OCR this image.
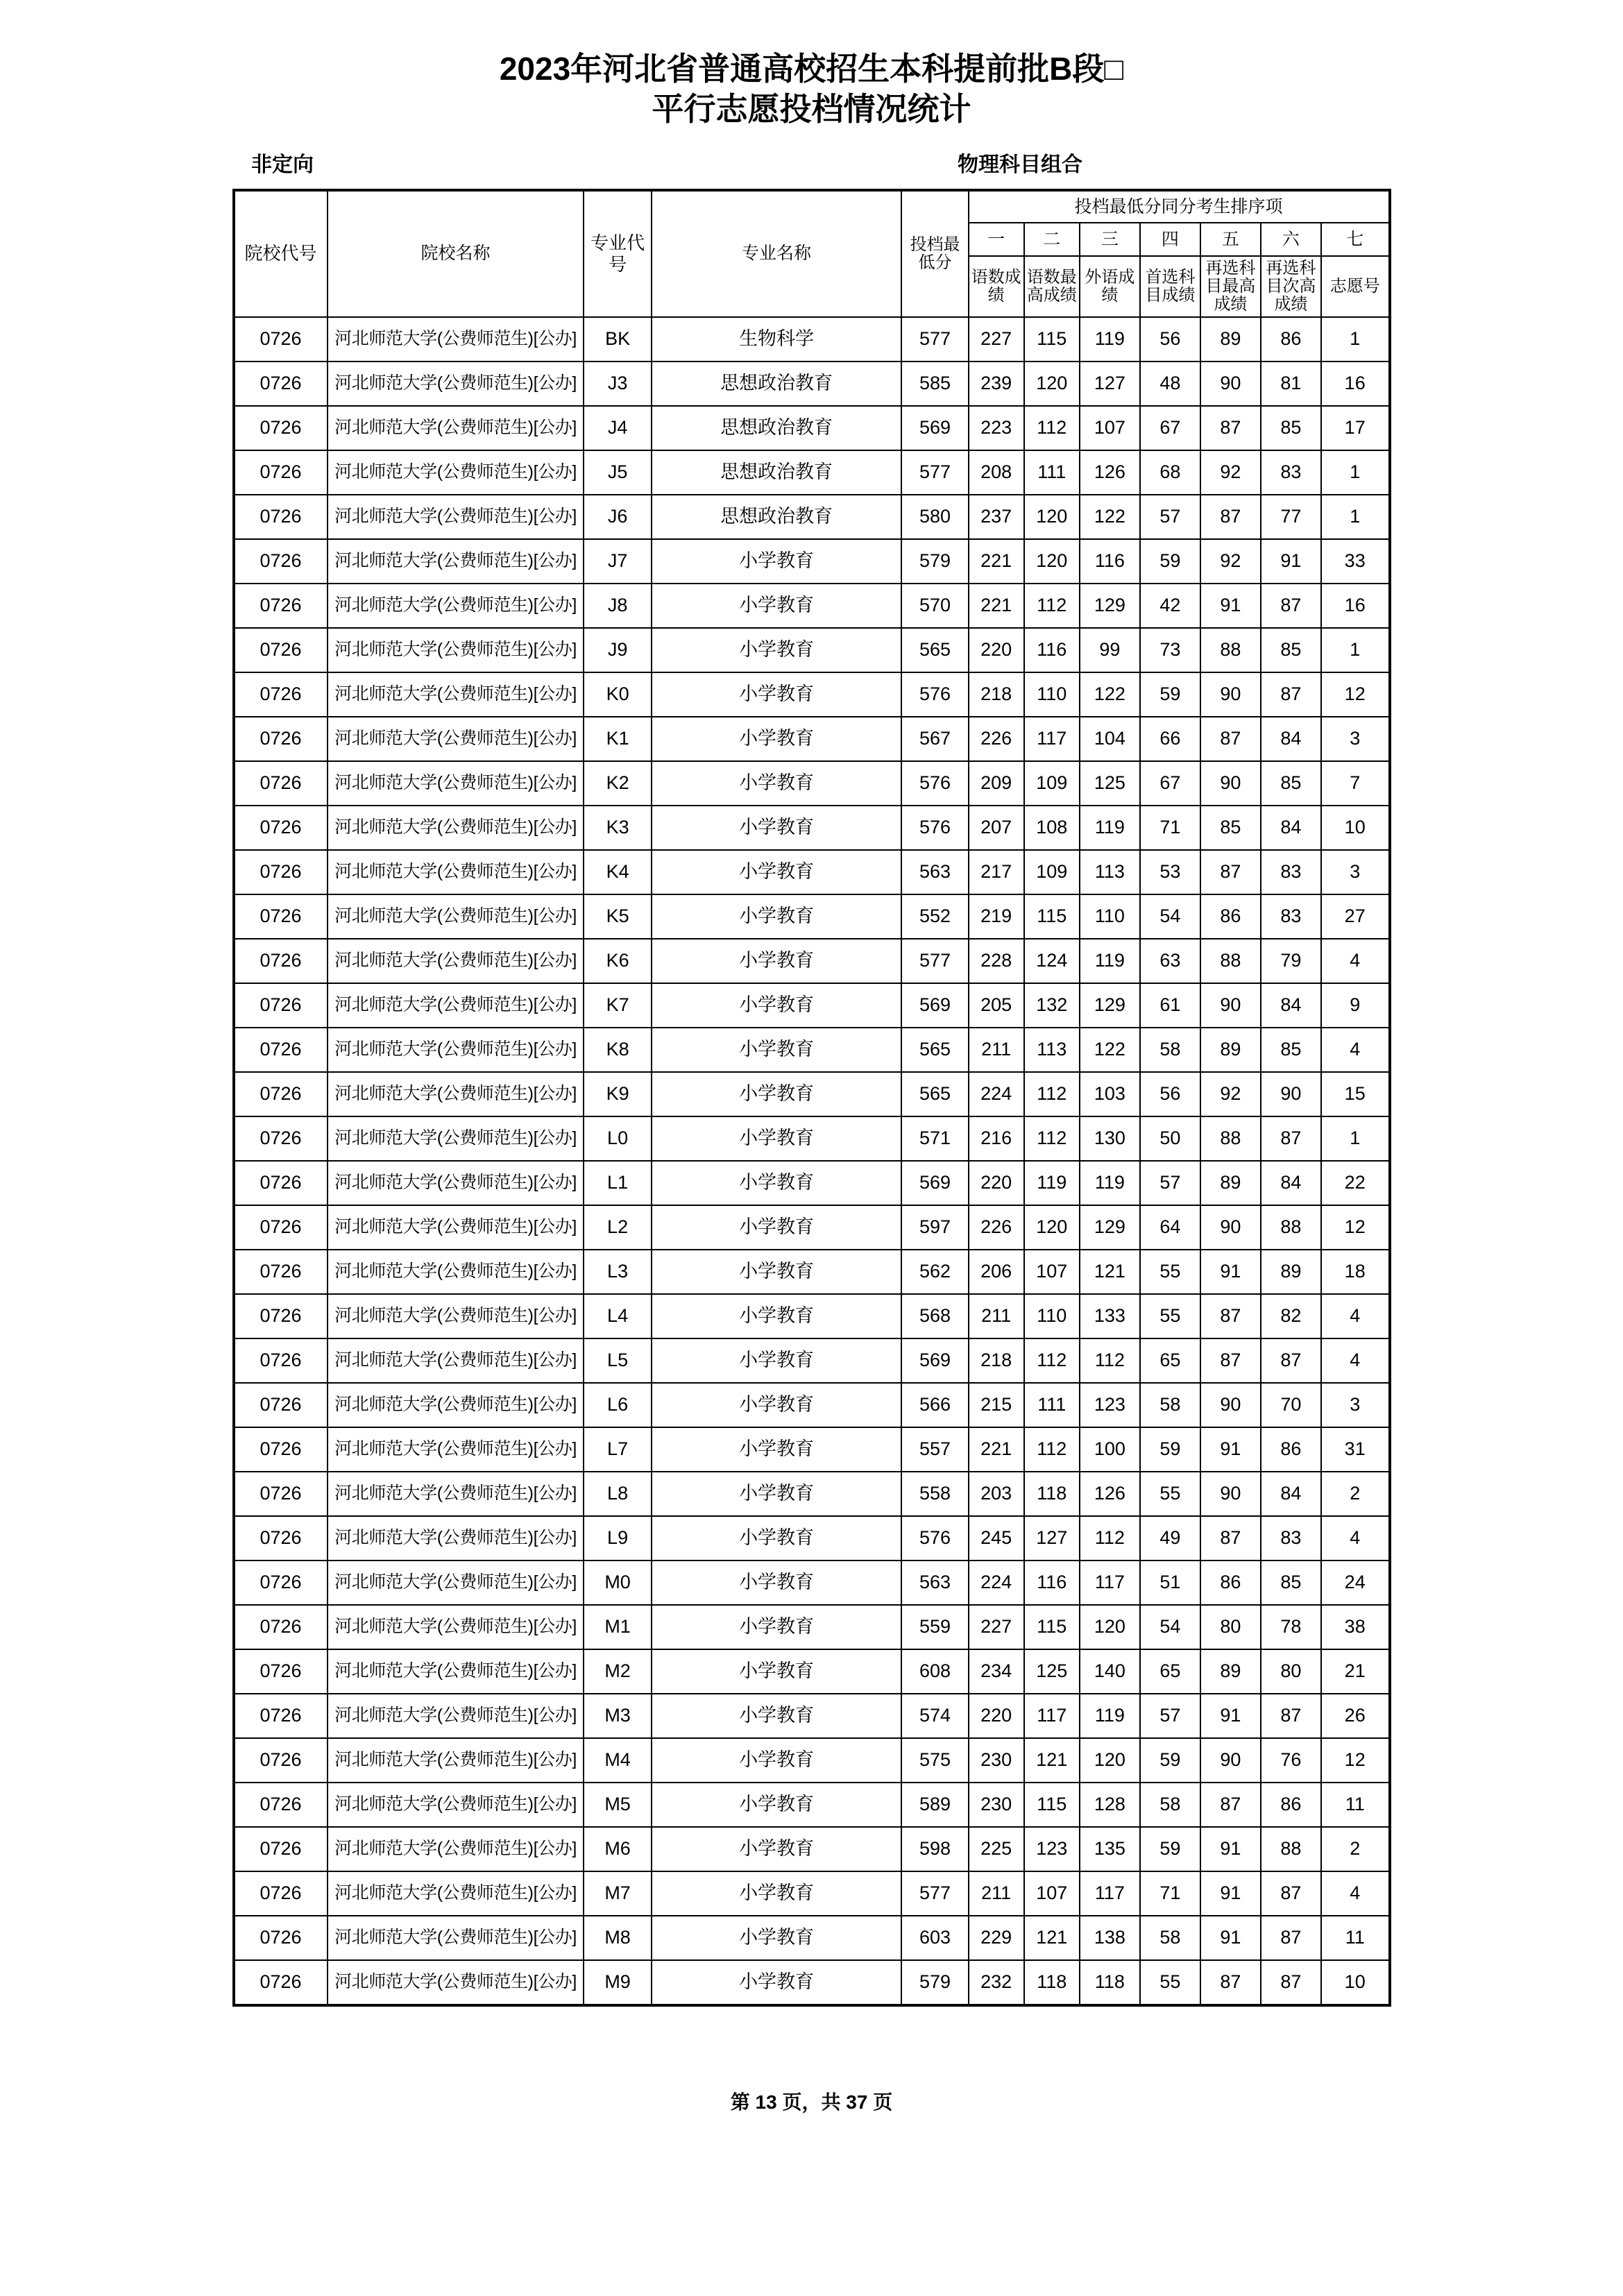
2023年河北省普通高校招生本科提前批B段□
平行志愿投档情况统计
非定向	物理科目组合
院校代号	院校名称	专业代号	专业名称	投档最低分	投档最低分同分考生排序项						
					一	二	三	四	五	六	七

					语数成绩	语数最高成绩	外语成绩	首选科目成绩	再选科目最高成绩	再选科目次高成绩	志愿号

0726	河北师范大学(公费师范生)[公办]	BK	生物科学	577	227	115	119	56	89	86	1
0726	河北师范大学(公费师范生)[公办]	J3	思想政治教育	585	239	120	127	48	90	81	16
0726	河北师范大学(公费师范生)[公办]	J4	思想政治教育	569	223	112	107	67	87	85	17
0726	河北师范大学(公费师范生)[公办]	J5	思想政治教育	577	208	111	126	68	92	83	1
0726	河北师范大学(公费师范生)[公办]	J6	思想政治教育	580	237	120	122	57	87	77	1
0726	河北师范大学(公费师范生)[公办]	J7	小学教育	579	221	120	116	59	92	91	33
0726	河北师范大学(公费师范生)[公办]	J8	小学教育	570	221	112	129	42	91	87	16
0726	河北师范大学(公费师范生)[公办]	J9	小学教育	565	220	116	99	73	88	85	1
0726	河北师范大学(公费师范生)[公办]	K0	小学教育	576	218	110	122	59	90	87	12
0726	河北师范大学(公费师范生)[公办]	K1	小学教育	567	226	117	104	66	87	84	3
0726	河北师范大学(公费师范生)[公办]	K2	小学教育	576	209	109	125	67	90	85	7
0726	河北师范大学(公费师范生)[公办]	K3	小学教育	576	207	108	119	71	85	84	10
0726	河北师范大学(公费师范生)[公办]	K4	小学教育	563	217	109	113	53	87	83	3
0726	河北师范大学(公费师范生)[公办]	K5	小学教育	552	219	115	110	54	86	83	27
0726	河北师范大学(公费师范生)[公办]	K6	小学教育	577	228	124	119	63	88	79	4
0726	河北师范大学(公费师范生)[公办]	K7	小学教育	569	205	132	129	61	90	84	9
0726	河北师范大学(公费师范生)[公办]	K8	小学教育	565	211	113	122	58	89	85	4
0726	河北师范大学(公费师范生)[公办]	K9	小学教育	565	224	112	103	56	92	90	15
0726	河北师范大学(公费师范生)[公办]	L0	小学教育	571	216	112	130	50	88	87	1
0726	河北师范大学(公费师范生)[公办]	L1	小学教育	569	220	119	119	57	89	84	22
0726	河北师范大学(公费师范生)[公办]	L2	小学教育	597	226	120	129	64	90	88	12
0726	河北师范大学(公费师范生)[公办]	L3	小学教育	562	206	107	121	55	91	89	18
0726	河北师范大学(公费师范生)[公办]	L4	小学教育	568	211	110	133	55	87	82	4
0726	河北师范大学(公费师范生)[公办]	L5	小学教育	569	218	112	112	65	87	87	4
0726	河北师范大学(公费师范生)[公办]	L6	小学教育	566	215	111	123	58	90	70	3
0726	河北师范大学(公费师范生)[公办]	L7	小学教育	557	221	112	100	59	91	86	31
0726	河北师范大学(公费师范生)[公办]	L8	小学教育	558	203	118	126	55	90	84	2
0726	河北师范大学(公费师范生)[公办]	L9	小学教育	576	245	127	112	49	87	83	4
0726	河北师范大学(公费师范生)[公办]	M0	小学教育	563	224	116	117	51	86	85	24
0726	河北师范大学(公费师范生)[公办]	M1	小学教育	559	227	115	120	54	80	78	38
0726	河北师范大学(公费师范生)[公办]	M2	小学教育	608	234	125	140	65	89	80	21
0726	河北师范大学(公费师范生)[公办]	M3	小学教育	574	220	117	119	57	91	87	26
0726	河北师范大学(公费师范生)[公办]	M4	小学教育	575	230	121	120	59	90	76	12
0726	河北师范大学(公费师范生)[公办]	M5	小学教育	589	230	115	128	58	87	86	11
0726	河北师范大学(公费师范生)[公办]	M6	小学教育	598	225	123	135	59	91	88	2
0726	河北师范大学(公费师范生)[公办]	M7	小学教育	577	211	107	117	71	91	87	4
0726	河北师范大学(公费师范生)[公办]	M8	小学教育	603	229	121	138	58	91	87	11
0726	河北师范大学(公费师范生)[公办]	M9	小学教育	579	232	118	118	55	87	87	10
第 13 页，共 37 页
